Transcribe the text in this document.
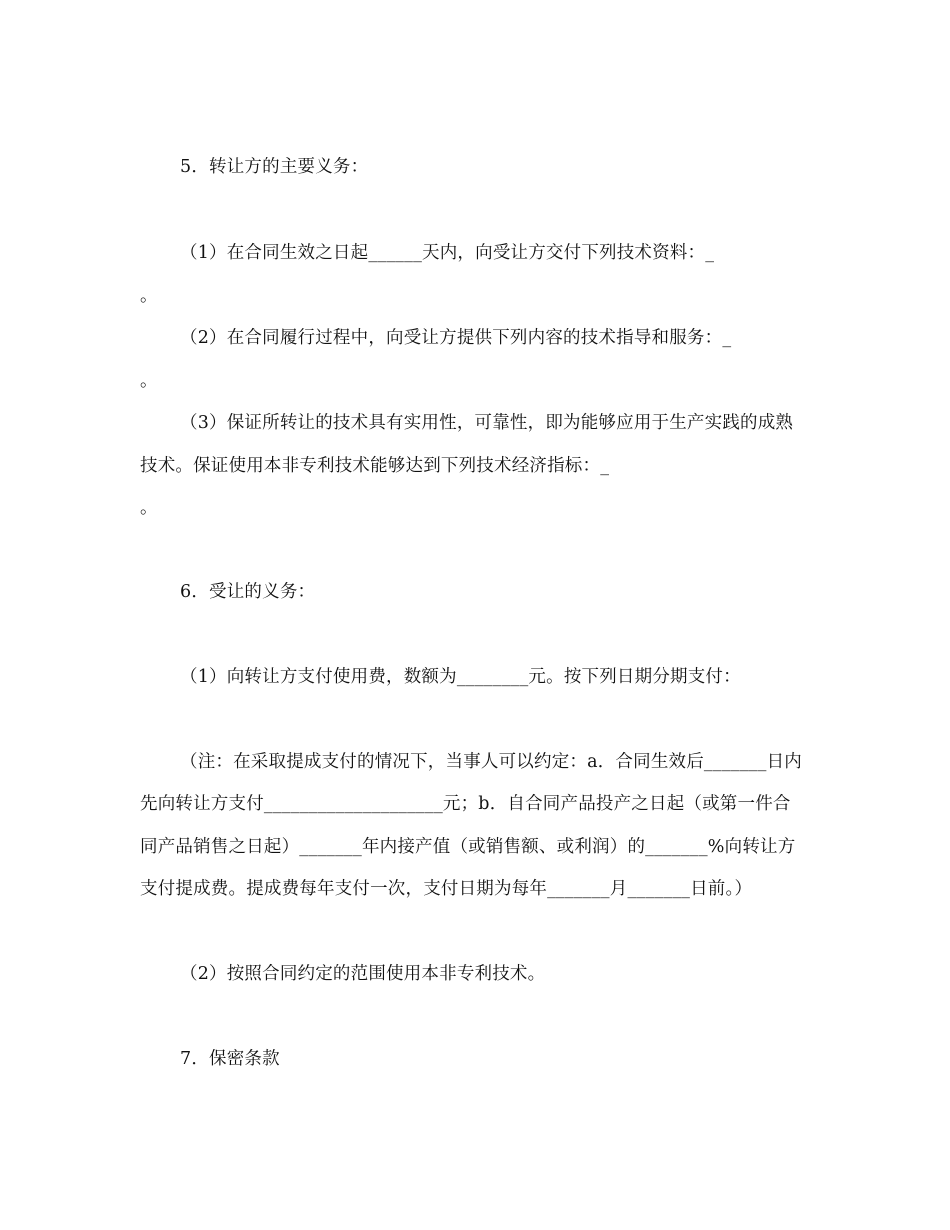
5．转让方的主要义务：
（1）在合同生效之日起______天内，向受让方交付下列技术资料：_
。
（2）在合同履行过程中，向受让方提供下列内容的技术指导和服务：_
。
（3）保证所转让的技术具有实用性，可靠性，即为能够应用于生产实践的成熟
技术。保证使用本非专利技术能够达到下列技术经济指标：_
。
6．受让的义务：
（1）向转让方支付使用费，数额为________元。按下列日期分期支付：
（注：在采取提成支付的情况下，当事人可以约定：a．合同生效后_______日内
先向转让方支付____________________元；b．自合同产品投产之日起（或第一件合
同产品销售之日起）_______年内接产值（或销售额、或利润）的_______%向转让方
支付提成费。提成费每年支付一次，支付日期为每年_______月_______日前。）
（2）按照合同约定的范围使用本非专利技术。
7．保密条款
